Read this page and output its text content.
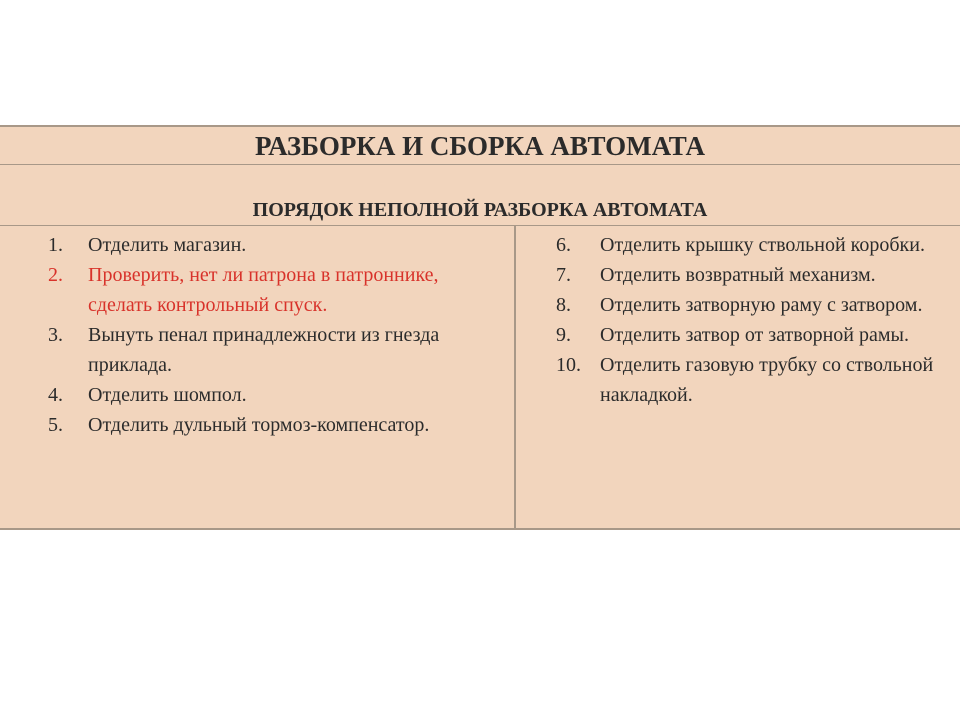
РАЗБОРКА И СБОРКА АВТОМАТА
ПОРЯДОК НЕПОЛНОЙ РАЗБОРКА АВТОМАТА
1. Отделить магазин.
2. Проверить, нет ли патрона в патроннике, сделать контрольный спуск.
3. Вынуть пенал принадлежности из гнезда приклада.
4. Отделить шомпол.
5. Отделить дульный тормоз-компенсатор.
6. Отделить крышку ствольной коробки.
7. Отделить возвратный механизм.
8. Отделить затворную раму с затвором.
9. Отделить затвор от затворной рамы.
10. Отделить газовую трубку со ствольной накладкой.
